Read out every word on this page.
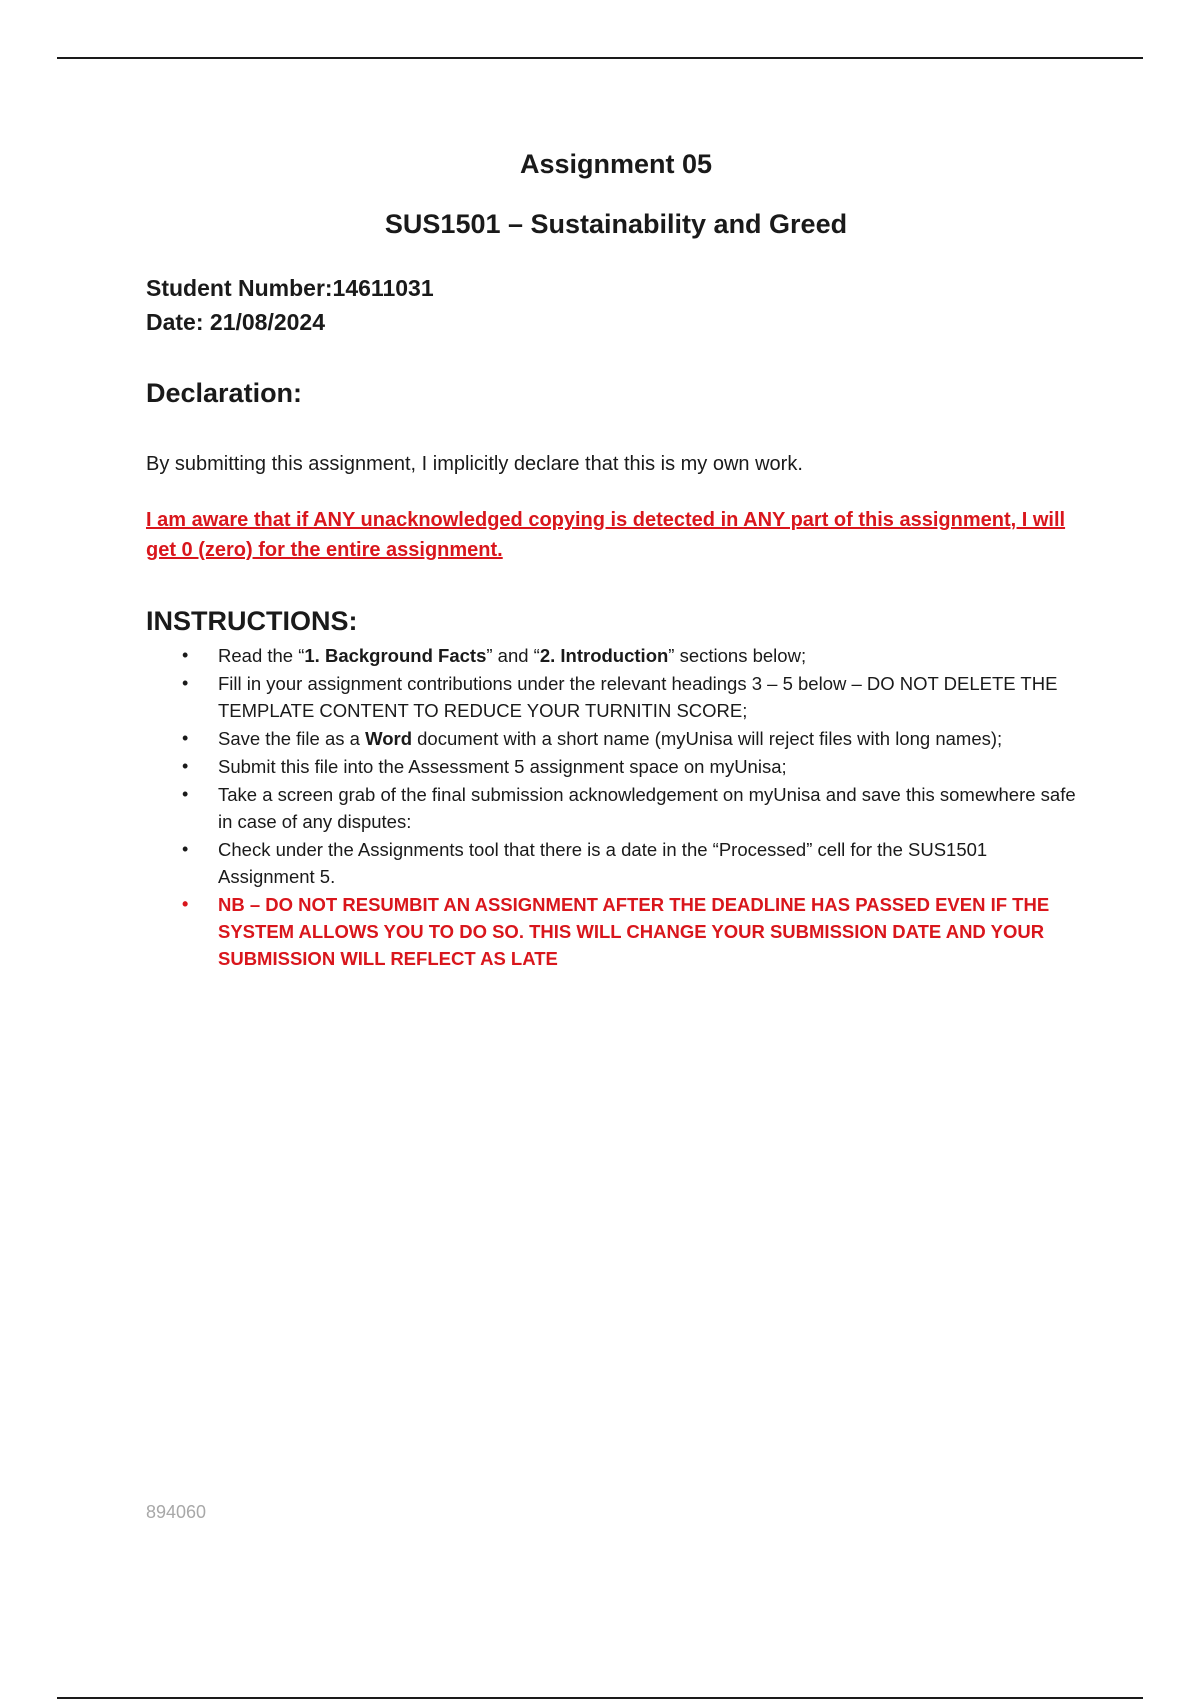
Assignment 05
SUS1501 – Sustainability and Greed
Student Number:14611031
Date: 21/08/2024
Declaration:
By submitting this assignment, I implicitly declare that this is my own work.
I am aware that if ANY unacknowledged copying is detected in ANY part of this assignment, I will get 0 (zero) for the entire assignment.
INSTRUCTIONS:
• Read the “1. Background Facts” and “2. Introduction” sections below;
• Fill in your assignment contributions under the relevant headings 3 – 5 below – DO NOT DELETE THE TEMPLATE CONTENT TO REDUCE YOUR TURNITIN SCORE;
• Save the file as a Word document with a short name (myUnisa will reject files with long names);
• Submit this file into the Assessment 5 assignment space on myUnisa;
• Take a screen grab of the final submission acknowledgement on myUnisa and save this somewhere safe in case of any disputes:
• Check under the Assignments tool that there is a date in the “Processed” cell for the SUS1501 Assignment 5.
• NB – DO NOT RESUMBIT AN ASSIGNMENT AFTER THE DEADLINE HAS PASSED EVEN IF THE SYSTEM ALLOWS YOU TO DO SO. THIS WILL CHANGE YOUR SUBMISSION DATE AND YOUR SUBMISSION WILL REFLECT AS LATE
894060
